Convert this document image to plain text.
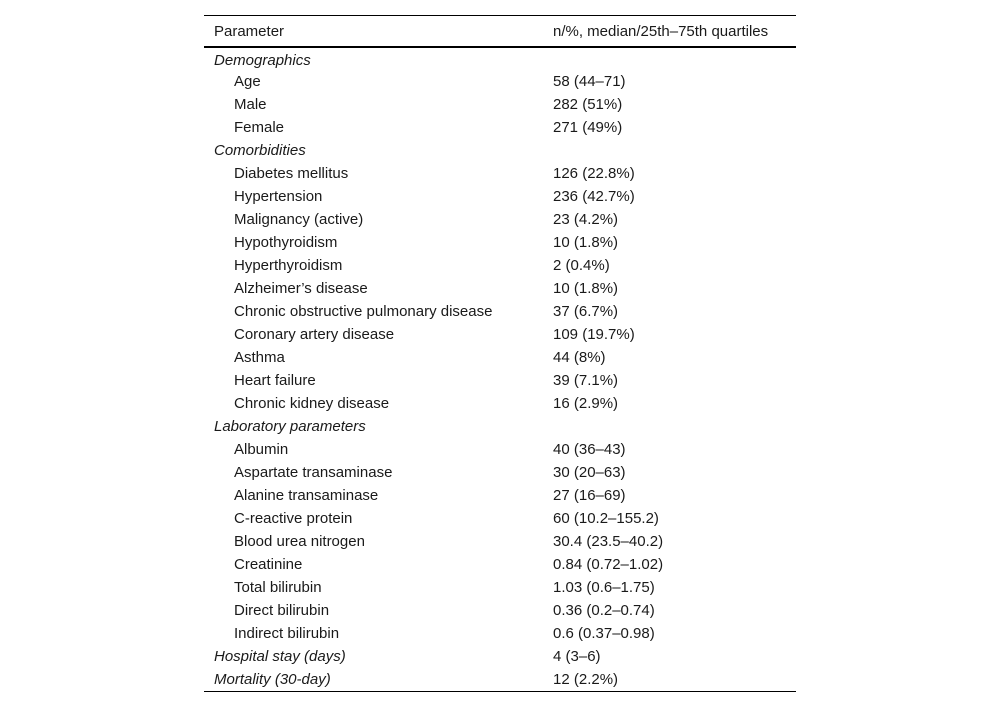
Parameter	n/%, median/25th–75th quartiles
Demographics	
Age	58 (44–71)
Male	282 (51%)
Female	271 (49%)
Comorbidities	
Diabetes mellitus	126 (22.8%)
Hypertension	236 (42.7%)
Malignancy (active)	23 (4.2%)
Hypothyroidism	10 (1.8%)
Hyperthyroidism	2 (0.4%)
Alzheimer’s disease	10 (1.8%)
Chronic obstructive pulmonary disease	37 (6.7%)
Coronary artery disease	109 (19.7%)
Asthma	44 (8%)
Heart failure	39 (7.1%)
Chronic kidney disease	16 (2.9%)
Laboratory parameters	
Albumin	40 (36–43)
Aspartate transaminase	30 (20–63)
Alanine transaminase	27 (16–69)
C-reactive protein	60 (10.2–155.2)
Blood urea nitrogen	30.4 (23.5–40.2)
Creatinine	0.84 (0.72–1.02)
Total bilirubin	1.03 (0.6–1.75)
Direct bilirubin	0.36 (0.2–0.74)
Indirect bilirubin	0.6 (0.37–0.98)
Hospital stay (days)	4 (3–6)
Mortality (30-day)	12 (2.2%)
